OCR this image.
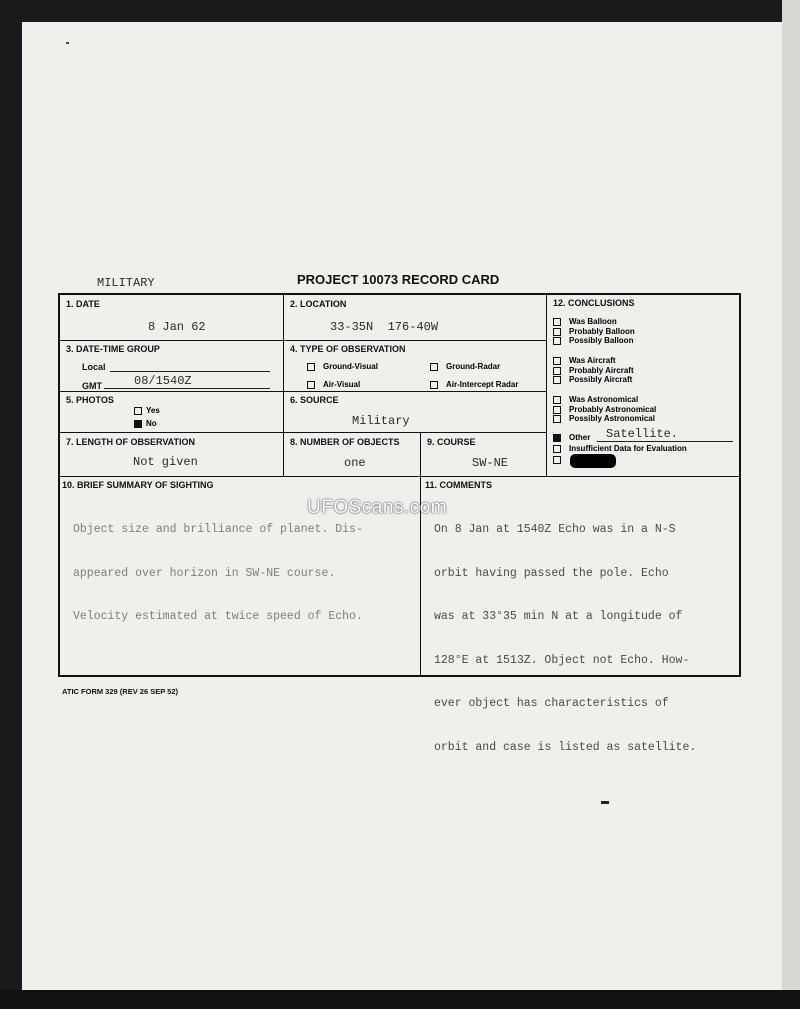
MILITARY	PROJECT 10073 RECORD CARD
1. DATE
8 Jan 62
2. LOCATION
33-35N  176-40W
3. DATE-TIME GROUP
Local
GMT	08/1540Z
4. TYPE OF OBSERVATION
Ground-Visual	Ground-Radar
Air-Visual	Air-Intercept Radar
5. PHOTOS
Yes
No
6. SOURCE
Military
7. LENGTH OF OBSERVATION
Not given
8. NUMBER OF OBJECTS
one
9. COURSE
SW-NE
12. CONCLUSIONS
Was Balloon
Probably Balloon
Possibly Balloon
Was Aircraft
Probably Aircraft
Possibly Aircraft
Was Astronomical
Probably Astronomical
Possibly Astronomical
Other Satellite.
Insufficient Data for Evaluation
10. BRIEF SUMMARY OF SIGHTING

Object size and brilliance of planet. Dis-

appeared over horizon in SW-NE course.

Velocity estimated at twice speed of Echo.

11. COMMENTS

On 8 Jan at 1540Z Echo was in a N-S

orbit having passed the pole. Echo

was at 33°35 min N at a longitude of

128°E at 1513Z. Object not Echo. How-

ever object has characteristics of

orbit and case is listed as satellite.

UFOScans.com
ATIC FORM 329 (REV 26 SEP 52)
